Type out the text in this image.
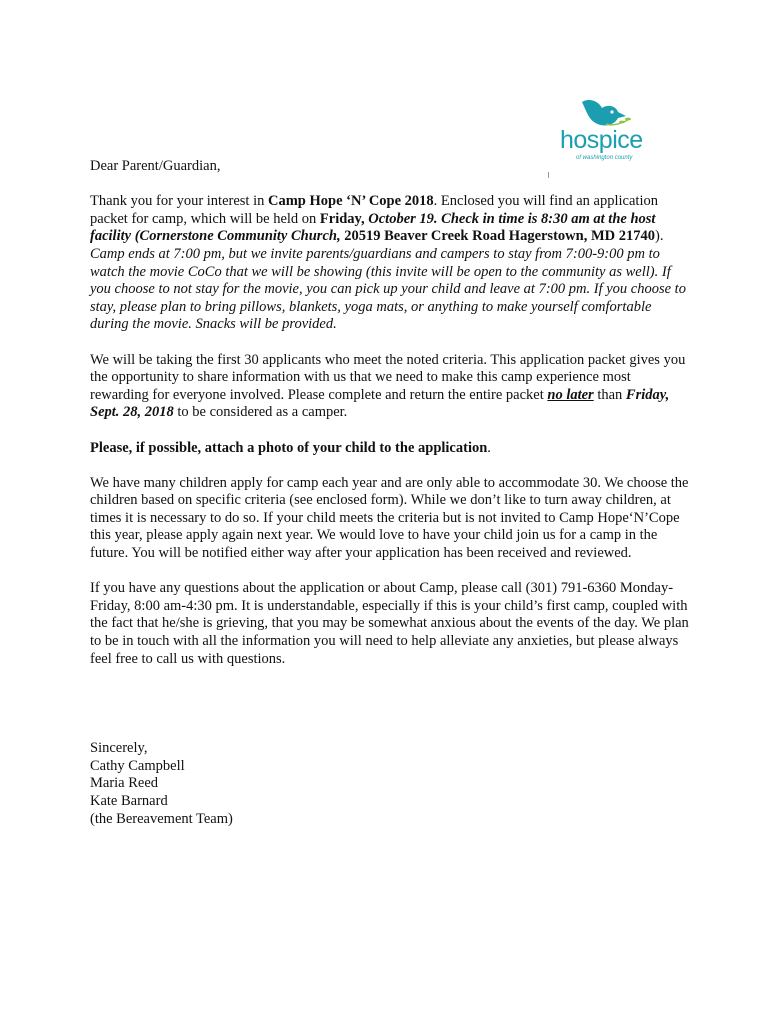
hospice
of washington county

Dear Parent/Guardian,

Thank you for your interest in Camp Hope ‘N’ Cope 2018. Enclosed you will find an application packet for camp, which will be held on Friday, October 19. Check in time is 8:30 am at the host facility (Cornerstone Community Church, 20519 Beaver Creek Road Hagerstown, MD 21740). Camp ends at 7:00 pm, but we invite parents/guardians and campers to stay from 7:00-9:00 pm to watch the movie CoCo that we will be showing (this invite will be open to the community as well). If you choose to not stay for the movie, you can pick up your child and leave at 7:00 pm. If you choose to stay, please plan to bring pillows, blankets, yoga mats, or anything to make yourself comfortable during the movie. Snacks will be provided.

We will be taking the first 30 applicants who meet the noted criteria. This application packet gives you the opportunity to share information with us that we need to make this camp experience most rewarding for everyone involved. Please complete and return the entire packet no later than Friday, Sept. 28, 2018 to be considered as a camper.

Please, if possible, attach a photo of your child to the application.

We have many children apply for camp each year and are only able to accommodate 30. We choose the children based on specific criteria (see enclosed form). While we don’t like to turn away children, at times it is necessary to do so. If your child meets the criteria but is not invited to Camp Hope‘N’Cope this year, please apply again next year. We would love to have your child join us for a camp in the future. You will be notified either way after your application has been received and reviewed.

If you have any questions about the application or about Camp, please call (301) 791-6360 Monday-Friday, 8:00 am-4:30 pm. It is understandable, especially if this is your child’s first camp, coupled with the fact that he/she is grieving, that you may be somewhat anxious about the events of the day. We plan to be in touch with all the information you will need to help alleviate any anxieties, but please always feel free to call us with questions.

Sincerely,
Cathy Campbell
Maria Reed
Kate Barnard
(the Bereavement Team)
